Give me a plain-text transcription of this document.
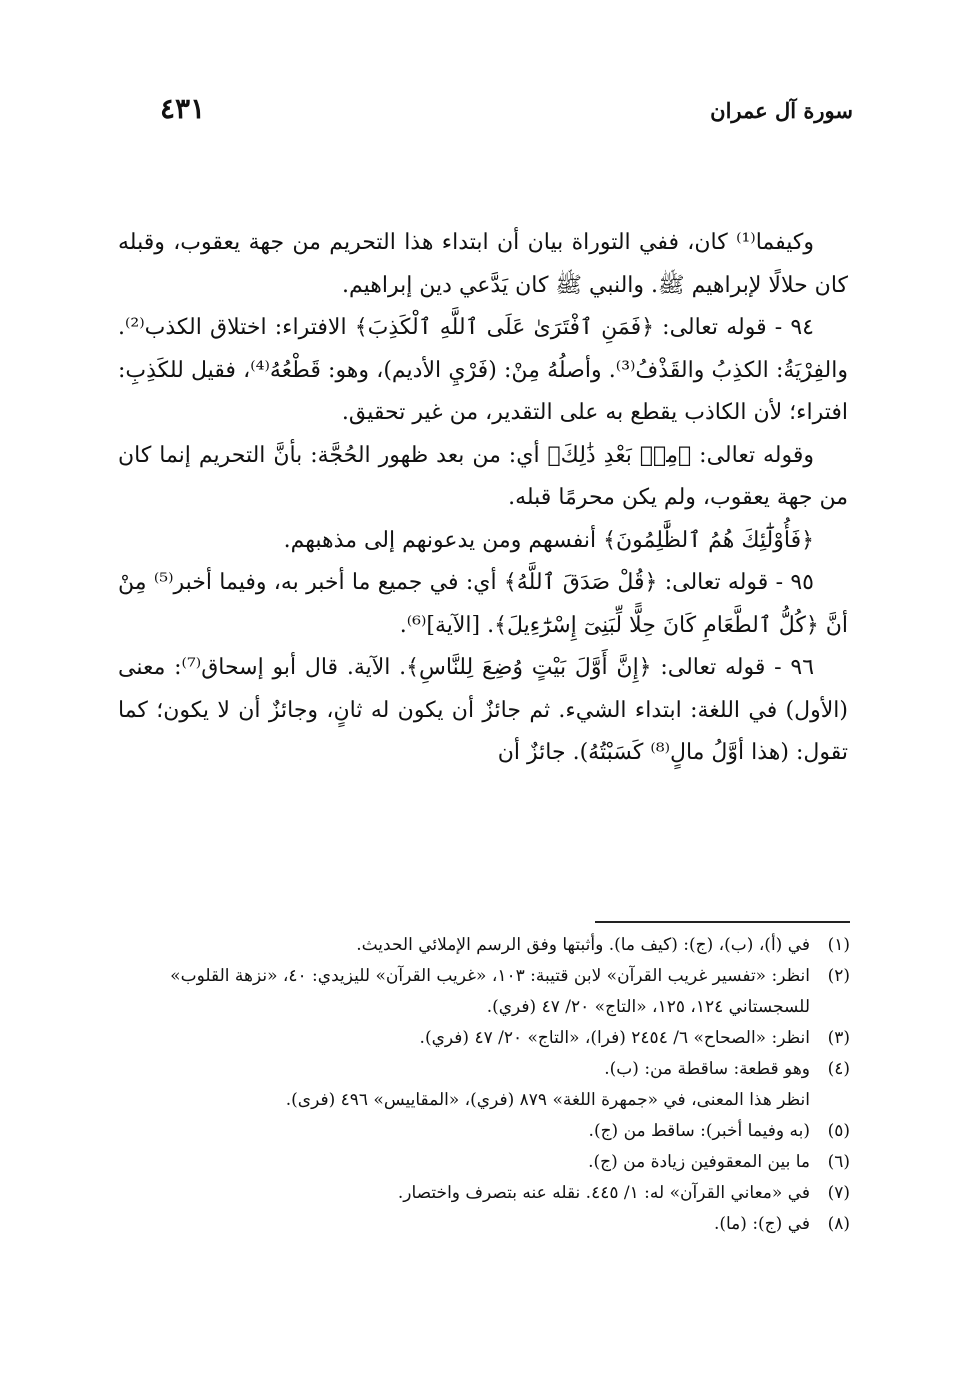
سورة آل عمران
٤٣١

وكيفما⁽¹⁾ كان، ففي التوراة بيان أن ابتداء هذا التحريم من جهة يعقوب، وقبله كان حلالًا لإبراهيم ﷺ. والنبي ﷺ كان يَدَّعي دين إبراهيم.

٩٤ - قوله تعالى: ﴿فَمَنِ ٱفْتَرَىٰ عَلَى ٱللَّهِ ٱلْكَذِبَ﴾ الافتراء: اختلاق الكذب⁽²⁾. والفِرْيَةُ: الكذِبُ والقَذْفُ⁽³⁾. وأصلُهُ مِنْ: (فَرْيِ الأديم)، وهو: قَطْعُهُ⁽⁴⁾، فقيل للكَذِبِ: افتراء؛ لأن الكاذب يقطع به على التقدير، من غير تحقيق.

وقوله تعالى: ﴿مِنۢ بَعْدِ ذَٰلِكَ﴾ أي: من بعد ظهور الحُجَّة: بأنَّ التحريم إنما كان من جهة يعقوب، ولم يكن محرمًا قبله.

﴿فَأُوْلَٰٓئِكَ هُمُ ٱلظَّٰلِمُونَ﴾ أنفسهم ومن يدعونهم إلى مذهبهم.

٩٥ - قوله تعالى: ﴿قُلْ صَدَقَ ٱللَّهُ﴾ أي: في جميع ما أخبر به، وفيما أخبر⁽⁵⁾ مِنْ أنَّ ﴿كُلُّ ٱلطَّعَامِ كَانَ حِلًّا لِّبَنِىٓ إِسْرَٰٓءِيلَ﴾. [الآية]⁽⁶⁾.

٩٦ - قوله تعالى: ﴿إِنَّ أَوَّلَ بَيْتٍ وُضِعَ لِلنَّاسِ﴾. الآية. قال أبو إسحاق⁽⁷⁾: معنى (الأول) في اللغة: ابتداء الشيء. ثم جائزٌ أن يكون له ثانٍ، وجائزٌ أن لا يكون؛ كما تقول: (هذا أوَّلُ مالٍ⁽⁸⁾ كَسَبْتُهُ). جائزٌ أن

(١)
في (أ)، (ب)، (ج): (كيف ما). وأثبتها وفق الرسم الإملائي الحديث.
(٢)
انظر: «تفسير غريب القرآن» لابن قتيبة: ١٠٣، «غريب القرآن» لليزيدي: ٤٠، «نزهة القلوب» للسجستاني ١٢٤، ١٢٥، «التاج» ٢٠/ ٤٧ (فري).
(٣)
انظر: «الصحاح» ٦/ ٢٤٥٤ (فرا)، «التاج» ٢٠/ ٤٧ (فري).
(٤)
وهو قطعة: ساقطة من: (ب).

انظر هذا المعنى، في «جمهرة اللغة» ٨٧٩ (فري)، «المقاييس» ٤٩٦ (فرى).

(٥)
(به وفيما أخبر): ساقط من (ج).
(٦)
ما بين المعقوفين زيادة من (ج).
(٧)
في «معاني القرآن» له: ١/ ٤٤٥. نقله عنه بتصرف واختصار.
(٨)
في (ج): (ما).
